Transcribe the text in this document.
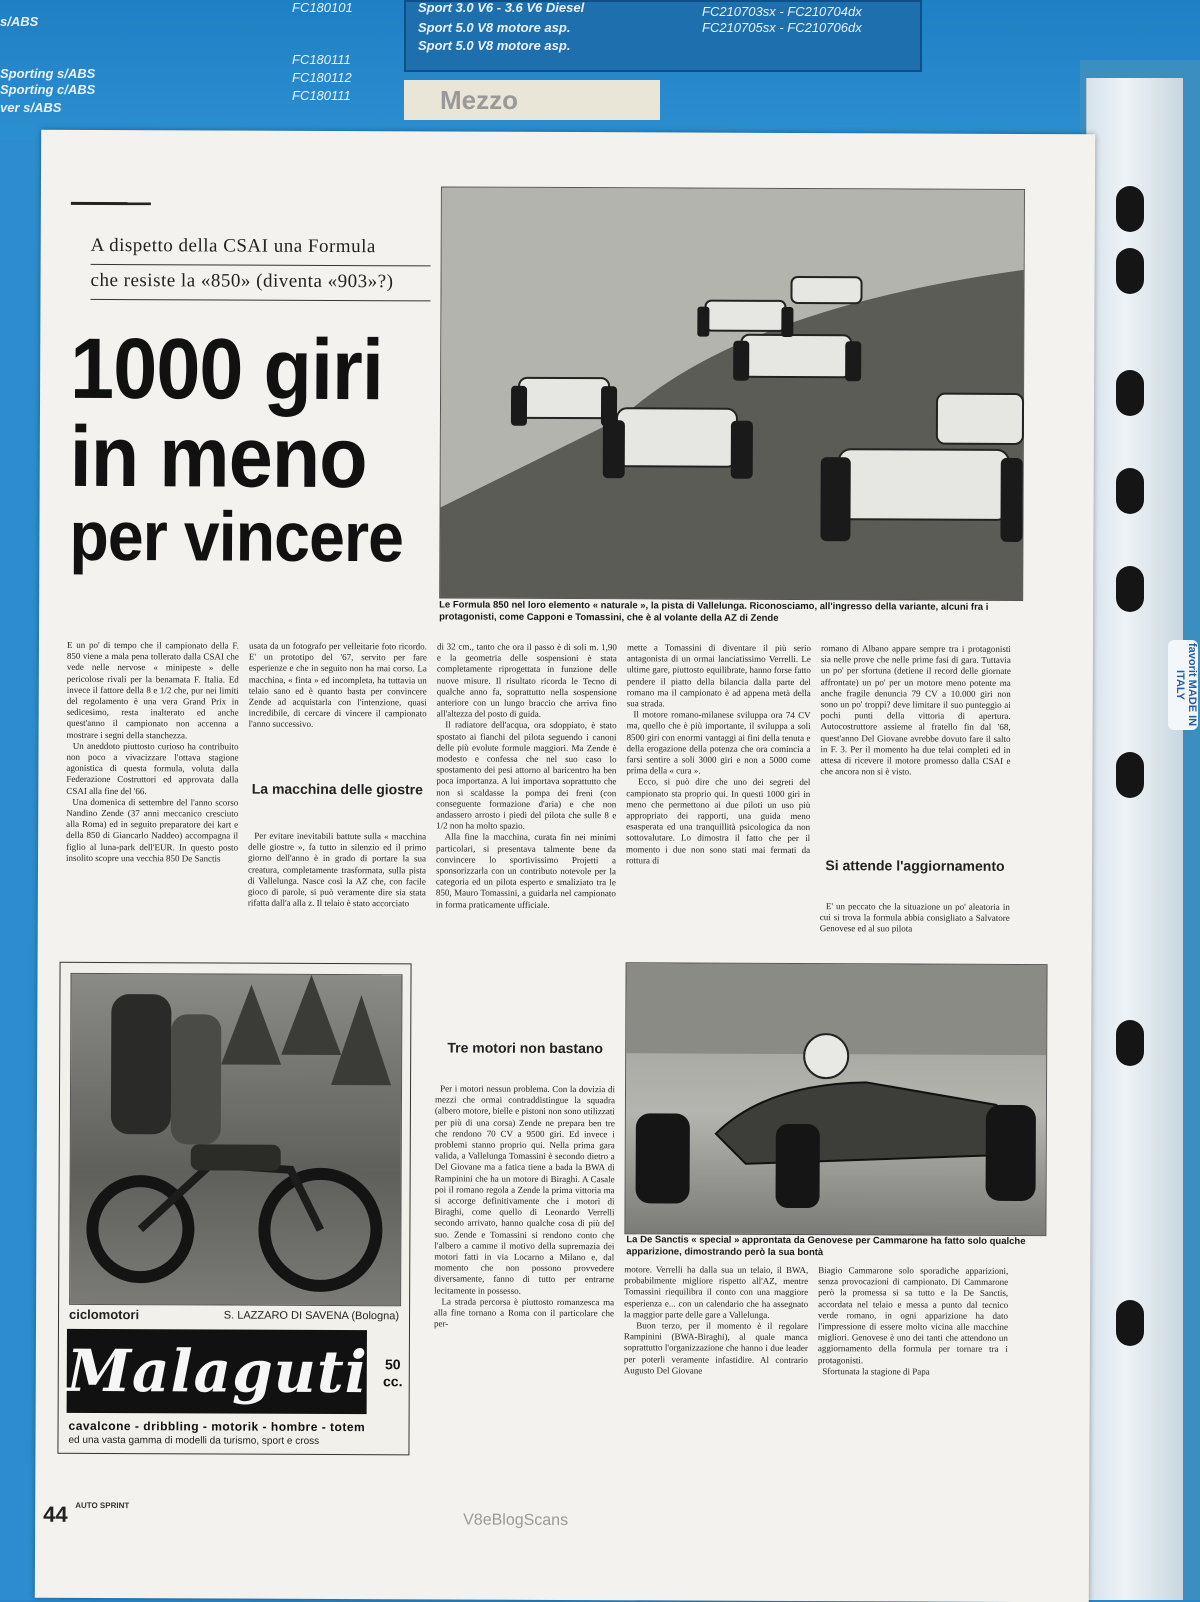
s/ABS
Sporting s/ABS
Sporting c/ABS
ver s/ABS
FC180101
FC180111
FC180112
FC180111
Sport 3.0 V6 - 3.6 V6 Diesel
Sport 5.0 V8 motore asp.
Sport 5.0 V8 motore asp.
FC210703sx - FC210704dx
FC210705sx - FC210706dx
Mezzo
favorit MADE IN ITALY
A dispetto della CSAI una Formula
che resiste la «850» (diventa «903»?)
1000 giri
in meno
per vincere
Le Formula 850 nel loro elemento « naturale », la pista di Vallelunga. Riconosciamo, all'ingresso della variante, alcuni fra i protagonisti, come Capponi e Tomassini, che è al volante della AZ di Zende
E un po' di tempo che il campionato della F. 850 viene a mala pena tollerato dalla CSAI che vede nelle nervose « minipeste » delle pericolose rivali per la benamata F. Italia. Ed invece il fattore della 8 e 1/2 che, pur nei limiti del regolamento è una vera Grand Prix in sedicesimo, resta inalterato ed anche quest'anno il campionato non accenna a mostrare i segni della stanchezza.
Un aneddoto piuttosto curioso ha contribuito non poco a vivacizzare l'ottava stagione agonistica di questa formula, voluta dalla Federazione Costruttori ed approvata dalla CSAI alla fine del '66.
Una domenica di settembre del l'anno scorso Nandino Zende (37 anni meccanico cresciuto alla Roma) ed in seguito preparatore dei kart e della 850 di Giancarlo Naddeo) accompagna il figlio al luna-park dell'EUR. In questo posto insolito scopre una vecchia 850 De Sanctis
usata da un fotografo per velleitarie foto ricordo. E' un prototipo del '67, servito per fare esperienze e che in seguito non ha mai corso. La macchina, « finta » ed incompleta, ha tuttavia un telaio sano ed è quanto basta per convincere Zende ad acquistarla con l'intenzione, quasi incredibile, di cercare di vincere il campionato l'anno successivo.
La macchina delle giostre
Per evitare inevitabili battute sulla « macchina delle giostre », fa tutto in silenzio ed il primo giorno dell'anno è in grado di portare la sua creatura, completamente trasformata, sulla pista di Vallelunga. Nasce così la AZ che, con facile gioco di parole, si può veramente dire sia stata rifatta dall'a alla z. Il telaio è stato accorciato
di 32 cm., tanto che ora il passo è di soli m. 1,90 e la geometria delle sospensioni è stata completamente riprogettata in funzione delle nuove misure. Il risultato ricorda le Tecno di qualche anno fa, soprattutto nella sospensione anteriore con un lungo braccio che arriva fino all'altezza del posto di guida.
Il radiatore dell'acqua, ora sdoppiato, è stato spostato ai fianchi del pilota seguendo i canoni delle più evolute formule maggiori. Ma Zende è modesto e confessa che nel suo caso lo spostamento dei pesi attorno al baricentro ha ben poca importanza. A lui importava soprattutto che non si scaldasse la pompa dei freni (con conseguente formazione d'aria) e che non andassero arrosto i piedi del pilota che sulle 8 e 1/2 non ha molto spazio.
Alla fine la macchina, curata fin nei minimi particolari, si presentava talmente bene da convincere lo sportivissimo Projetti a sponsorizzarla con un contributo notevole per la categoria ed un pilota esperto e smaliziato tra le 850, Mauro Tomassini, a guidarla nel campionato in forma praticamente ufficiale.
Tre motori non bastano
Per i motori nessun problema. Con la dovizia di mezzi che ormai contraddistingue la squadra (albero motore, bielle e pistoni non sono utilizzati per più di una corsa) Zende ne prepara ben tre che rendono 70 CV a 9500 giri. Ed invece i problemi stanno proprio qui. Nella prima gara valida, a Vallelunga Tomassini è secondo dietro a Del Giovane ma a fatica tiene a bada la BWA di Rampinini che ha un motore di Biraghi. A Casale poi il romano regola a Zende la prima vittoria ma si accorge definitivamente che i motori di Biraghi, come quello di Leonardo Verrelli secondo arrivato, hanno qualche cosa di più del suo. Zende e Tomassini si rendono conto che l'albero a camme il motivo della supremazia dei motori fatti in via Locarno a Milano e, dal momento che non possono provvedere diversamente, fanno di tutto per entrarne lecitamente in possesso.
La strada percorsa è piuttosto romanzesca ma alla fine tornano a Roma con il particolare che per-
mette a Tomassini di diventare il più serio antagonista di un ormai lanciatissimo Verrelli. Le ultime gare, piuttosto equilibrate, hanno forse fatto pendere il piatto della bilancia dalla parte del romano ma il campionato è ad appena metà della sua strada.
Il motore romano-milanese sviluppa ora 74 CV ma, quello che è più importante, il sviluppa a soli 8500 giri con enormi vantaggi ai fini della tenuta e della erogazione della potenza che ora comincia a farsi sentire a soli 3000 giri e non a 5000 come prima della « cura ».
Ecco, si può dire che uno dei segreti del campionato sta proprio qui. In questi 1000 giri in meno che permettono ai due piloti un uso più appropriato dei rapporti, una guida meno esasperata ed una tranquillità psicologica da non sottovalutare. Lo dimostra il fatto che per il momento i due non sono stati mai fermati da rottura di
motore. Verrelli ha dalla sua un telaio, il BWA, probabilmente migliore rispetto all'AZ, mentre Tomassini riequilibra il conto con una maggiore esperienza e... con un calendario che ha assegnato la maggior parte delle gare a Vallelunga.
Buon terzo, per il momento è il regolare Rampinini (BWA-Biraghi), al quale manca soprattutto l'organizzazione che hanno i due leader per poterli veramente infastidire. Al contrario Augusto Del Giovane
romano di Albano appare sempre tra i protagonisti sia nelle prove che nelle prime fasi di gara. Tuttavia un po' per sfortuna (detiene il record delle giornate affrontate) un po' per un motore meno potente ma anche fragile denuncia 79 CV a 10.000 giri non sono un po' troppi? deve limitare il suo punteggio ai pochi punti della vittoria di apertura. Autocostruttore assieme al fratello fin dal '68, quest'anno Del Giovane avrebbe dovuto fare il salto in F. 3. Per il momento ha due telai completi ed in attesa di ricevere il motore promesso dalla CSAI e che ancora non si è visto.
Si attende l'aggiornamento
E' un peccato che la situazione un po' aleatoria in cui si trova la formula abbia consigliato a Salvatore Genovese ed al suo pilota
Biagio Cammarone solo sporadiche apparizioni, senza provocazioni di campionato. Di Cammarone però la promessa si sa tutto e la De Sanctis, accordata nel telaio e messa a punto dal tecnico verde romano, in ogni apparizione ha dato l'impressione di essere molto vicina alle macchine migliori. Genovese è uno dei tanti che attendono un aggiornamento della formula per tornare tra i protagonisti.
Sfortunata la stagione di Papa
La De Sanctis « special » approntata da Genovese per Cammarone ha fatto solo qualche apparizione, dimostrando però la sua bontà
ciclomotori	S. LAZZARO DI SAVENA (Bologna)
Malaguti	50 cc.
cavalcone - dribbling - motorik - hombre - totem
ed una vasta gamma di modelli da turismo, sport e cross
44 AUTO SPRINT
V8eBlogScans
